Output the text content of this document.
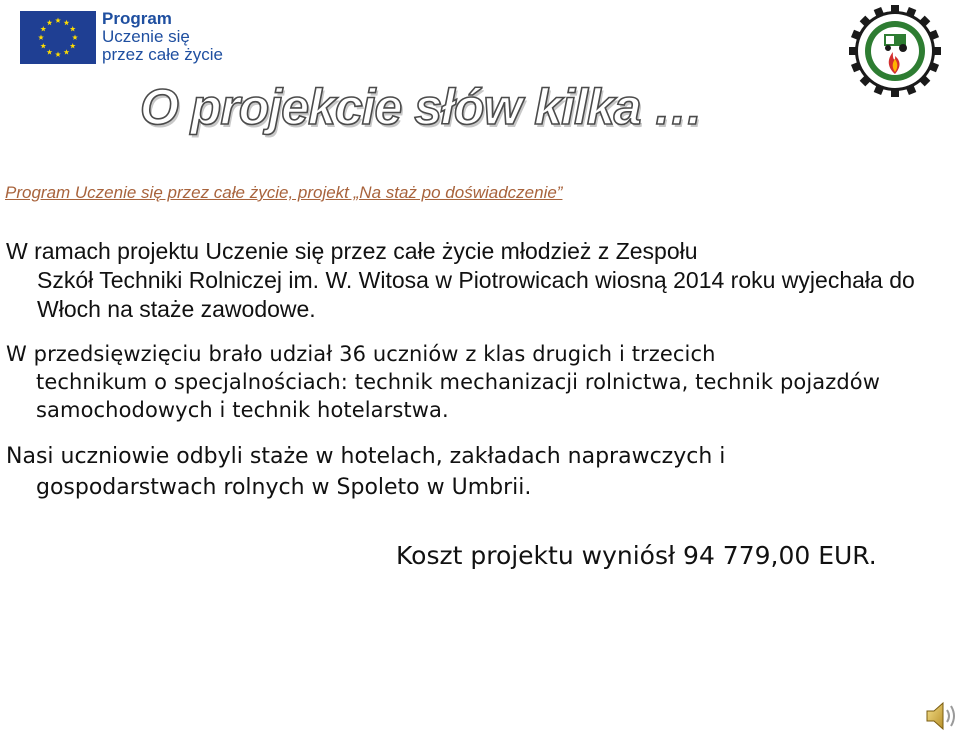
Program
Uczenie się
przez całe życie
O projekcie słów kilka …
Program Uczenie się przez całe życie, projekt „Na staż po doświadczenie”
W ramach projektu Uczenie się przez całe życie młodzież z Zespołu
Szkół Techniki Rolniczej im. W. Witosa w Piotrowicach wiosną 2014 roku wyjechała do Włoch na staże zawodowe.
W przedsięwzięciu brało udział 36 uczniów z klas drugich i trzecich
technikum o specjalnościach: technik mechanizacji rolnictwa, technik pojazdów samochodowych i technik hotelarstwa.
Nasi uczniowie odbyli staże w hotelach, zakładach naprawczych i
gospodarstwach rolnych w Spoleto w Umbrii.
Koszt projektu wyniósł 94 779,00 EUR.
